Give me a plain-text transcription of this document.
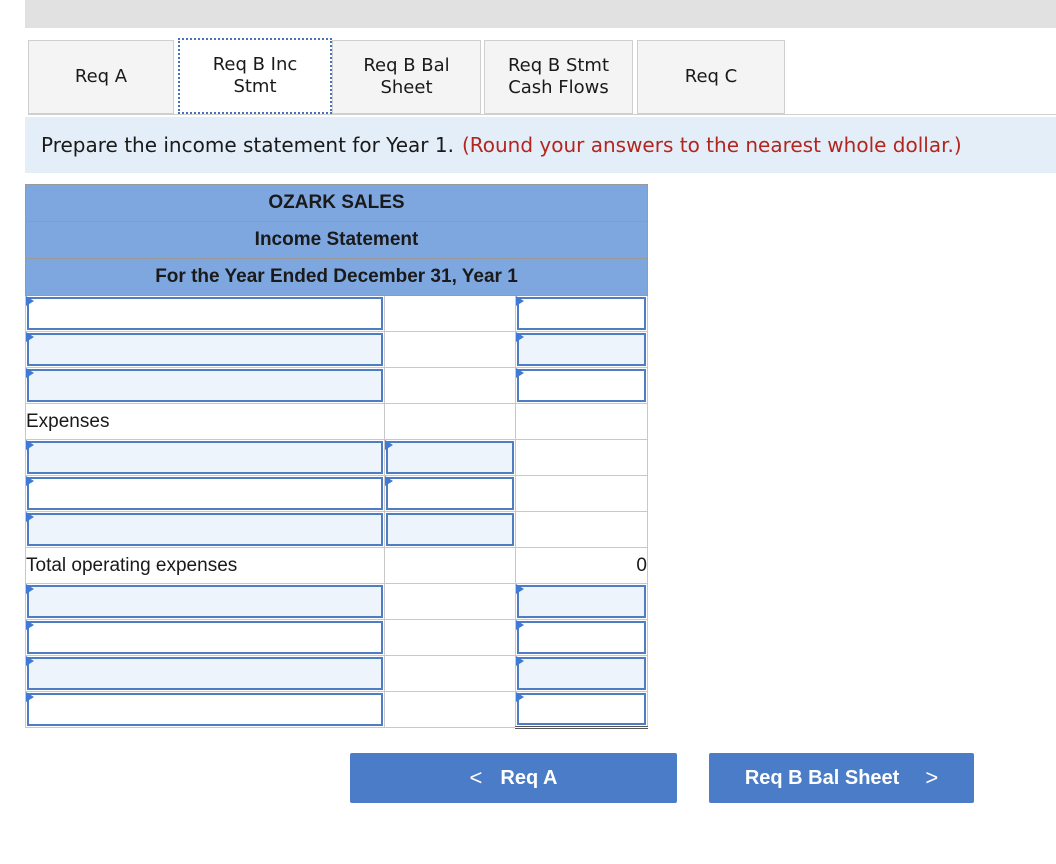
Req A
Req B Inc
Stmt
Req B Bal
Sheet
Req B Stmt
Cash Flows
Req C
Prepare the income statement for Year 1. (Round your answers to the nearest whole dollar.)
OZARK SALES		
Income Statement		
For the Year Ended December 31, Year 1		

Expenses		

Total operating expenses		0

< Req A	Req B Bal Sheet >
